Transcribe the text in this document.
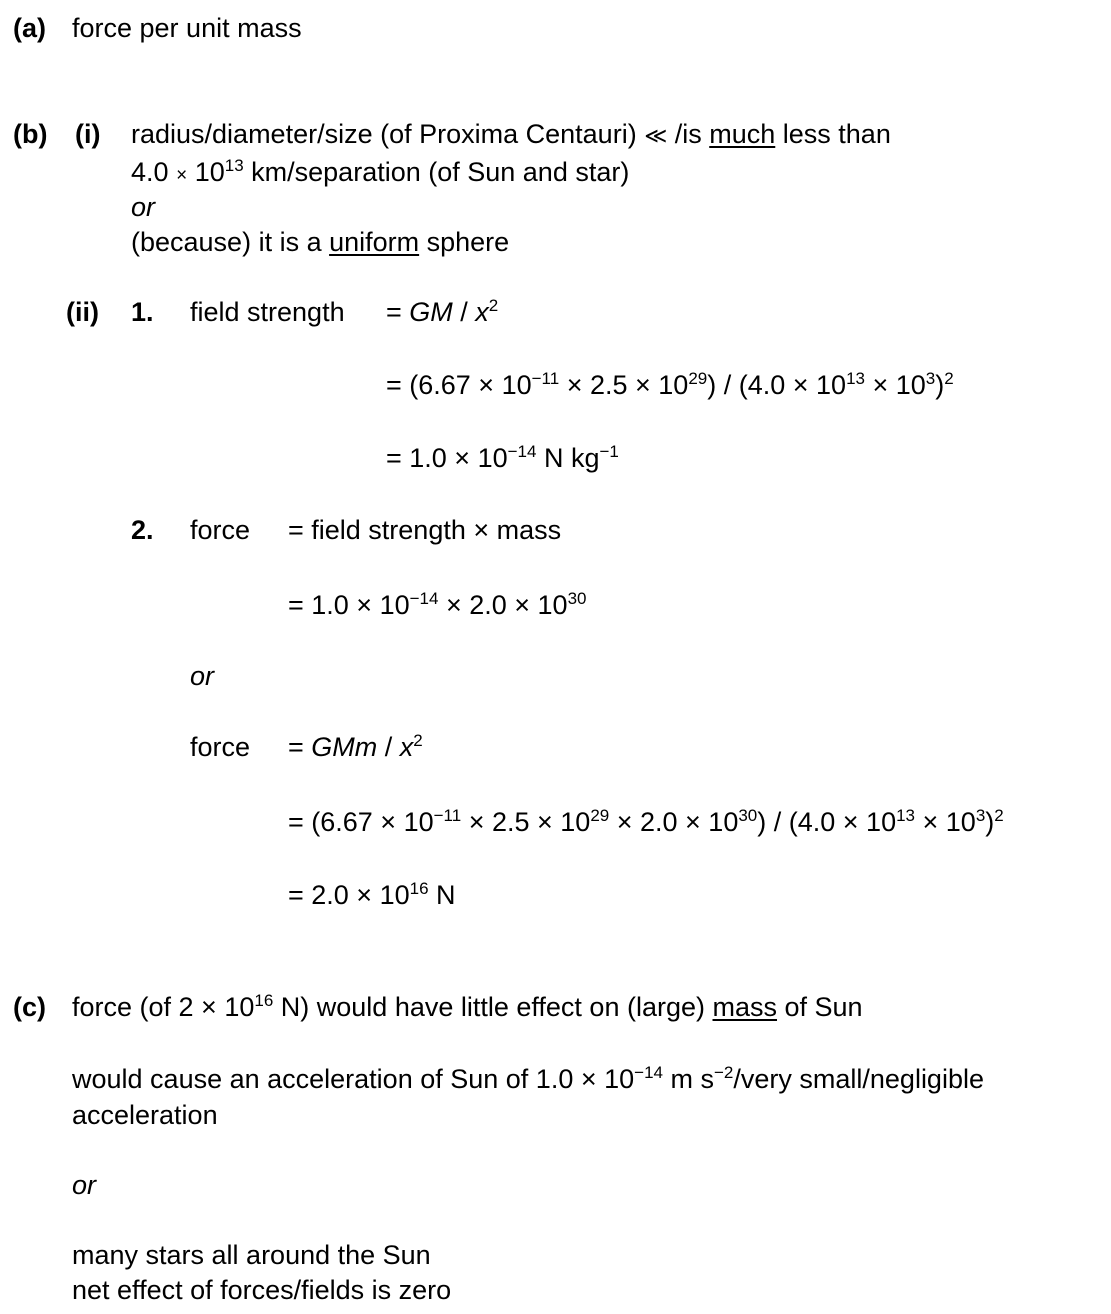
(a) force per unit mass
(b) (i) radius/diameter/size (of Proxima Centauri) ≪ /is much less than
$4.0 \times 10^{13}$ km/separation (of Sun and star)
or
(because) it is a uniform sphere
(ii) 1. field strength = GM / $x^2$
= $(6.67 \times 10^{-11} \times 2.5 \times 10^{29}) / (4.0 \times 10^{13} \times 10^3)^2$
= $1.0 \times 10^{-14}$ N $kg^{-1}$
2. force = field strength × mass
= $1.0 \times 10^{-14} \times 2.0 \times 10^{30}$
or
force = GMm / $x^2$
= $(6.67 \times 10^{-11} \times 2.5 \times 10^{29} \times 2.0 \times 10^{30}) / (4.0 \times 10^{13} \times 10^3)^2$
= $2.0 \times 10^{16}$ N
(c) force (of $2 \times 10^{16}$ N) would have little effect on (large) mass of Sun
would cause an acceleration of Sun of $1.0 \times 10^{-14}$ m $s^{-2}$/very small/negligible
acceleration
or
many stars all around the Sun
net effect of forces/fields is zero
